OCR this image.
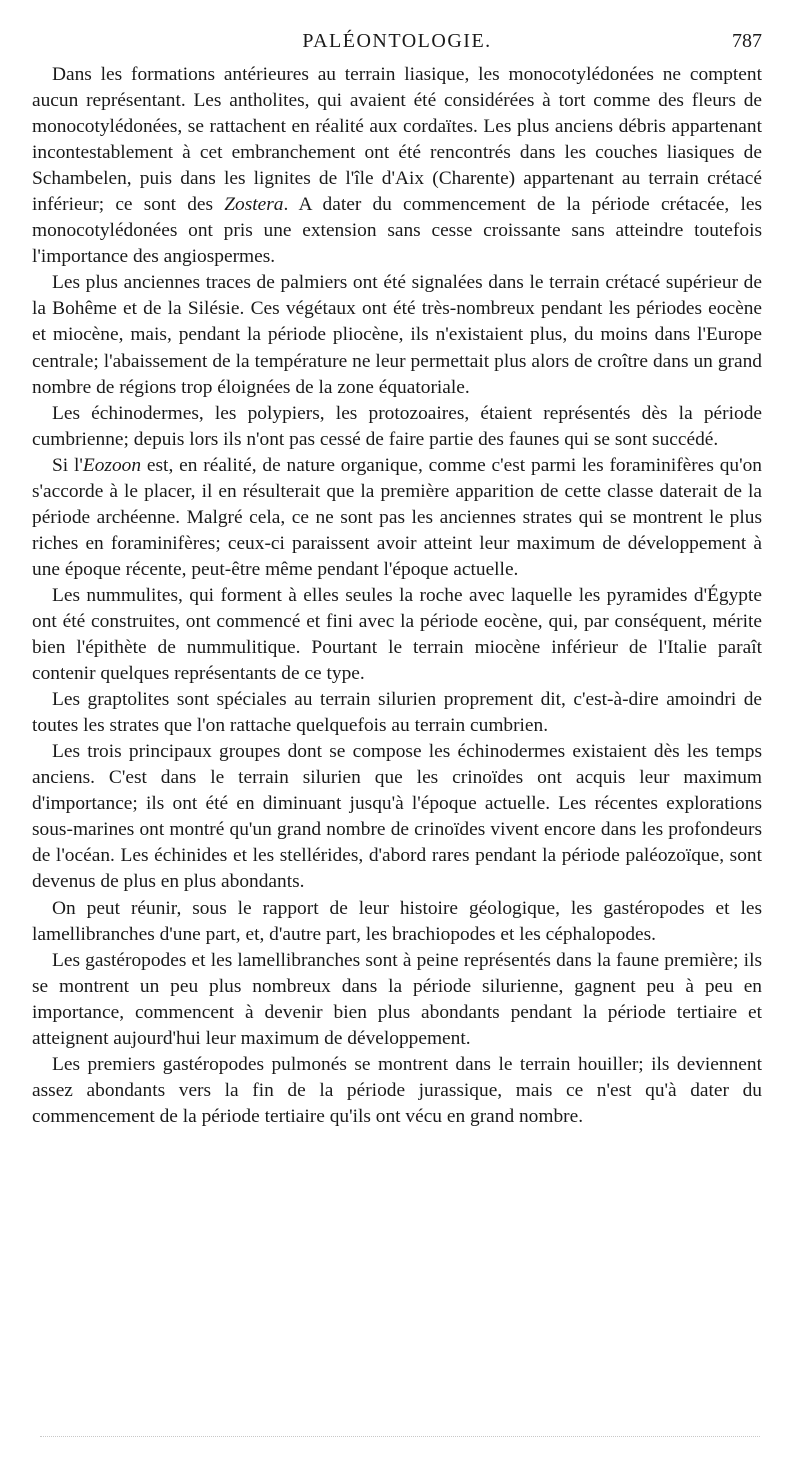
PALÉONTOLOGIE.	787

Dans les formations antérieures au terrain liasique, les monocotylédonées ne comptent aucun représentant. Les antholites, qui avaient été considérées à tort comme des fleurs de monocotylédonées, se rattachent en réalité aux cordaïtes. Les plus anciens débris appartenant incontestablement à cet embranchement ont été rencontrés dans les couches liasiques de Schambelen, puis dans les lignites de l'île d'Aix (Charente) appartenant au terrain crétacé inférieur; ce sont des Zostera. A dater du commencement de la période crétacée, les monocotylédonées ont pris une extension sans cesse croissante sans atteindre toutefois l'importance des angiospermes.

Les plus anciennes traces de palmiers ont été signalées dans le terrain crétacé supérieur de la Bohême et de la Silésie. Ces végétaux ont été très-nombreux pendant les périodes eocène et miocène, mais, pendant la période pliocène, ils n'existaient plus, du moins dans l'Europe centrale; l'abaissement de la température ne leur permettait plus alors de croître dans un grand nombre de régions trop éloignées de la zone équatoriale.

Les échinodermes, les polypiers, les protozoaires, étaient représentés dès la période cumbrienne; depuis lors ils n'ont pas cessé de faire partie des faunes qui se sont succédé.

Si l'Eozoon est, en réalité, de nature organique, comme c'est parmi les foraminifères qu'on s'accorde à le placer, il en résulterait que la première apparition de cette classe daterait de la période archéenne. Malgré cela, ce ne sont pas les anciennes strates qui se montrent le plus riches en foraminifères; ceux-ci paraissent avoir atteint leur maximum de développement à une époque récente, peut-être même pendant l'époque actuelle.

Les nummulites, qui forment à elles seules la roche avec laquelle les pyramides d'Égypte ont été construites, ont commencé et fini avec la période eocène, qui, par conséquent, mérite bien l'épithète de nummulitique. Pourtant le terrain miocène inférieur de l'Italie paraît contenir quelques représentants de ce type.

Les graptolites sont spéciales au terrain silurien proprement dit, c'est-à-dire amoindri de toutes les strates que l'on rattache quelquefois au terrain cumbrien.

Les trois principaux groupes dont se compose les échinodermes existaient dès les temps anciens. C'est dans le terrain silurien que les crinoïdes ont acquis leur maximum d'importance; ils ont été en diminuant jusqu'à l'époque actuelle. Les récentes explorations sous-marines ont montré qu'un grand nombre de crinoïdes vivent encore dans les profondeurs de l'océan. Les échinides et les stellérides, d'abord rares pendant la période paléozoïque, sont devenus de plus en plus abondants.

On peut réunir, sous le rapport de leur histoire géologique, les gastéropodes et les lamellibranches d'une part, et, d'autre part, les brachiopodes et les céphalopodes.

Les gastéropodes et les lamellibranches sont à peine représentés dans la faune première; ils se montrent un peu plus nombreux dans la période silurienne, gagnent peu à peu en importance, commencent à devenir bien plus abondants pendant la période tertiaire et atteignent aujourd'hui leur maximum de développement.

Les premiers gastéropodes pulmonés se montrent dans le terrain houiller; ils deviennent assez abondants vers la fin de la période jurassique, mais ce n'est qu'à dater du commencement de la période tertiaire qu'ils ont vécu en grand nombre.
